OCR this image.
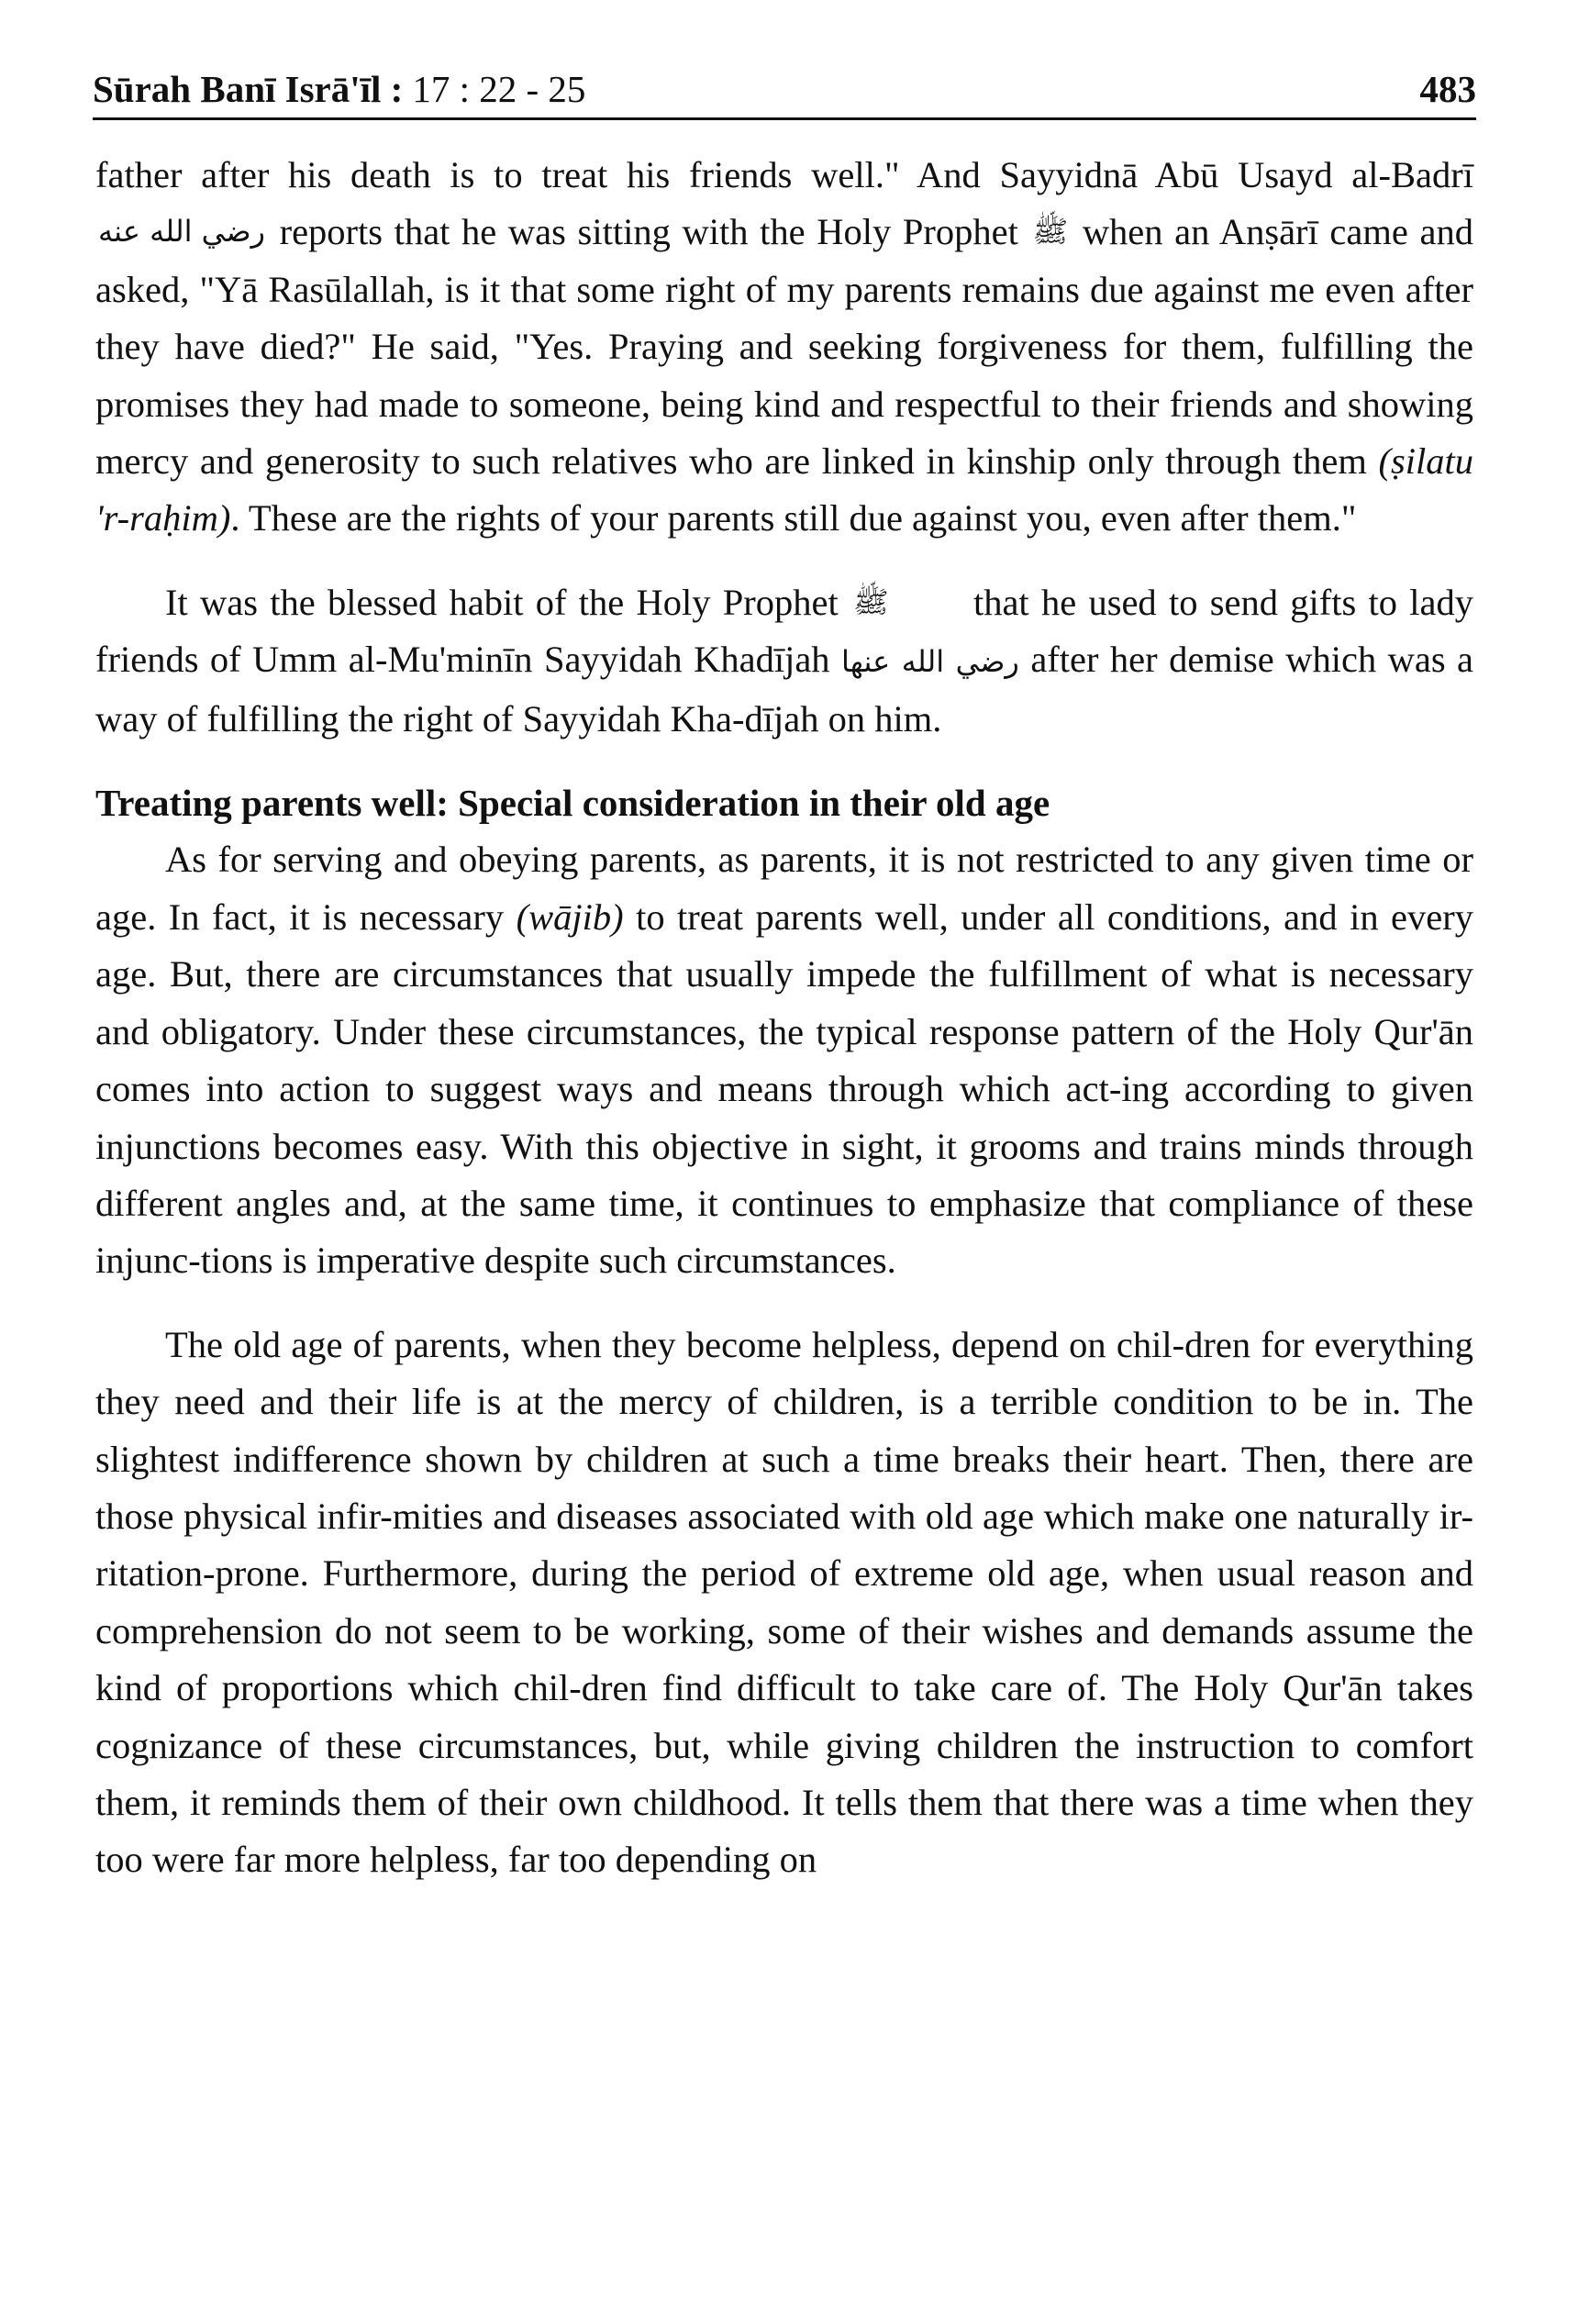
Sūrah Banī Isrā'īl : 17 : 22 - 25	483

father after his death is to treat his friends well." And Sayyidnā Abū Usayd al-Badrī رضي الله عنه reports that he was sitting with the Holy Prophet ﷺ when an Anṣārī came and asked, "Yā Rasūlallah, is it that some right of my parents remains due against me even after they have died?" He said, "Yes. Praying and seeking forgiveness for them, fulfilling the promises they had made to someone, being kind and respectful to their friends and showing mercy and generosity to such relatives who are linked in kinship only through them (ṣilatu 'r-raḥim). These are the rights of your parents still due against you, even after them."

It was the blessed habit of the Holy Prophet ﷺ that he used to send gifts to lady friends of Umm al-Mu'minīn Sayyidah Khadījah رضي الله عنها after her demise which was a way of fulfilling the right of Sayyidah Kha-dījah on him.

Treating parents well: Special consideration in their old age

As for serving and obeying parents, as parents, it is not restricted to any given time or age. In fact, it is necessary (wājib) to treat parents well, under all conditions, and in every age. But, there are circumstances that usually impede the fulfillment of what is necessary and obligatory. Under these circumstances, the typical response pattern of the Holy Qur'ān comes into action to suggest ways and means through which act-ing according to given injunctions becomes easy. With this objective in sight, it grooms and trains minds through different angles and, at the same time, it continues to emphasize that compliance of these injunc-tions is imperative despite such circumstances.

The old age of parents, when they become helpless, depend on chil-dren for everything they need and their life is at the mercy of children, is a terrible condition to be in. The slightest indifference shown by children at such a time breaks their heart. Then, there are those physical infir-mities and diseases associated with old age which make one naturally ir-ritation-prone. Furthermore, during the period of extreme old age, when usual reason and comprehension do not seem to be working, some of their wishes and demands assume the kind of proportions which chil-dren find difficult to take care of. The Holy Qur'ān takes cognizance of these circumstances, but, while giving children the instruction to comfort them, it reminds them of their own childhood. It tells them that there was a time when they too were far more helpless, far too depending on
